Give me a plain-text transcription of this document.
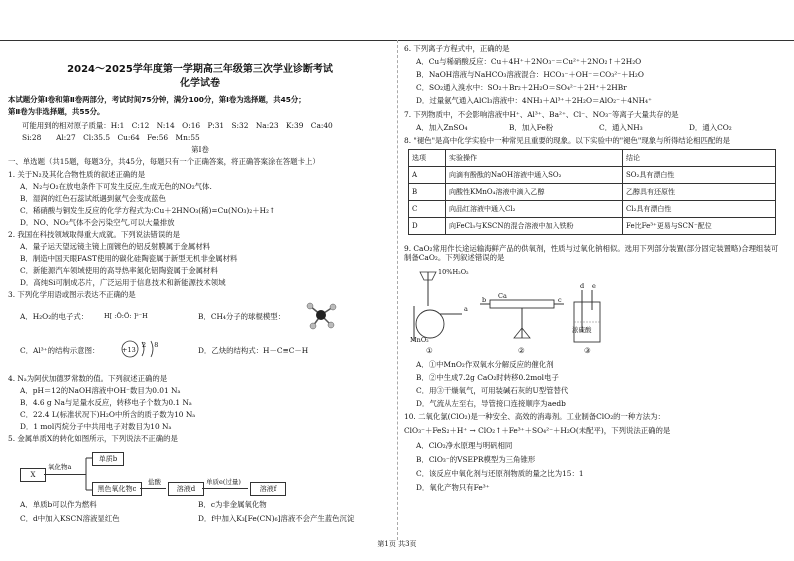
2024～2025学年度第一学期高三年级第三次学业诊断考试
化学试卷
本试题分第Ⅰ卷和第Ⅱ卷两部分，考试时间75分钟，满分100分，第Ⅰ卷为选择题，共45分；
第Ⅱ卷为非选择题，共55分。
可能用到的相对原子质量：H:1　C:12　N:14　O:16　P:31　S:32　Na:23　K:39　Ca:40
Si:28　　Al:27　Cl:35.5　Cu:64　Fe:56　Mn:55
第Ⅰ卷
一、单选题（共15题，每题3分，共45分，每题只有一个正确答案，将正确答案涂在答题卡上）
1. 关于N₂及其化合物性质的叙述正确的是
A．N₂与O₂在放电条件下可发生反应,生成无色的NO₂气体.
B．湿润的红色石蕊试纸遇到氨气会变成蓝色
C．稀硝酸与铜发生反应的化学方程式为:Cu＋2HNO₃(稀)=Cu(NO₃)₂＋H₂↑
D．NO、NO₂气体不会污染空气,可以大量排放
2. 我国在科技领域取得重大成就。下列说法错误的是
A．量子运天望远镜主镜上面镀色的铝反射膜属于金属材料
B．制造中国天眼FAST使用的碳化硅陶瓷属于新型无机非金属材料
C．新能源汽车领域使用的高导热率氮化铝陶瓷属于金属材料
D．高纯Si可制成芯片，广泛运用于信息技术和新能源技术领域
3. 下列化学用语或图示表达不正确的是
A．H₂O₂的电子式： H[ :Ö:Ö: ]²⁻H	B．CH₄分子的球棍模型：
C．Al³⁺的结构示意图：	+13
2 8
D．乙炔的结构式：H－C≡C－H
4. Nₐ为阿伏加德罗常数的值。下列叙述正确的是
A．pH＝12的NaOH溶液中OH⁻数目为0.01 Nₐ
B．4.6 g Na与足量水反应，转移电子个数为0.1 Nₐ
C．22.4 L(标准状况下)H₂O中所含的质子数为10 Nₐ
D．1 mol丙烷分子中共用电子对数目为10 Nₐ
5. 金属单质X的转化如图所示，下列说法不正确的是
X
氧化物a
单质b
黑色氧化物c
盐酸
溶液d
单质e(过量)
溶液f
A．单质b可以作为燃料	B．c为非金属氧化物
C．d中加入KSCN溶液显红色	D．f中加入K₃[Fe(CN)₆]溶液不会产生蓝色沉淀
6. 下列离子方程式中，正确的是
A．Cu与稀硝酸反应：Cu＋4H⁺＋2NO₃⁻＝Cu²⁺＋2NO₂↑＋2H₂O
B．NaOH溶液与NaHCO₃溶液混合：HCO₃⁻＋OH⁻＝CO₃²⁻＋H₂O
C．SO₂通入溴水中：SO₂＋Br₂＋2H₂O＝SO₄²⁻＋2H⁺＋2HBr
D．过量氨气通入AlCl₃溶液中：4NH₃＋Al³⁺＋2H₂O＝AlO₂⁻＋4NH₄⁺
7. 下列物质中，不会影响溶液中H⁺、Al³⁺、Ba²⁺、Cl⁻、NO₃⁻等离子大量共存的是
A．加入ZnSO₄	B．加入Fe粉	C．通入NH₃	D．通入CO₂
8. "褪色"是高中化学实验中一种常见且重要的现象。以下实验中的"褪色"现象与所得结论相匹配的是
选项	实验操作	结论
A	向滴有酚酞的NaOH溶液中通入SO₂	SO₂具有漂白性
B	向酸性KMnO₄溶液中滴入乙醇	乙醇具有还原性
C	向品红溶液中通入Cl₂	Cl₂具有漂白性
D	向FeCl₃与KSCN的混合溶液中加入铁粉	Fe比Fe³⁺更易与SCN⁻配位
9. CaO₂常用作长途运输海鲜产品的供氧剂，性质与过氧化钠相似。选用下列部分装置(部分固定装置略)合理组装可制备CaO₂。下列叙述错误的是
10%H₂O₂
MnO₂
a
Ca
b	c
d e
浓硫酸
①	②	③
A．①中MnO₂作双氧水分解反应的催化剂
B．②中生成7.2g CaO₂时转移0.2mol电子
C．用③干燥氧气，可用装碱石灰的U型管替代
D．气流从左至右，导管接口连接顺序为aedb
10. 二氧化氯(ClO₂)是一种安全、高效的消毒剂。工业制备ClO₂的一种方法为：
ClO₃⁻＋FeS₂＋H⁺ → ClO₂↑＋Fe³⁺＋SO₄²⁻＋H₂O(未配平)，下列说法正确的是
A．ClO₂净水原理与明矾相同
B．ClO₃⁻的VSEPR模型为三角锥形
C．该反应中氧化剂与还原剂物质的量之比为15：1
D．氧化产物只有Fe³⁺
第1页 共3页
